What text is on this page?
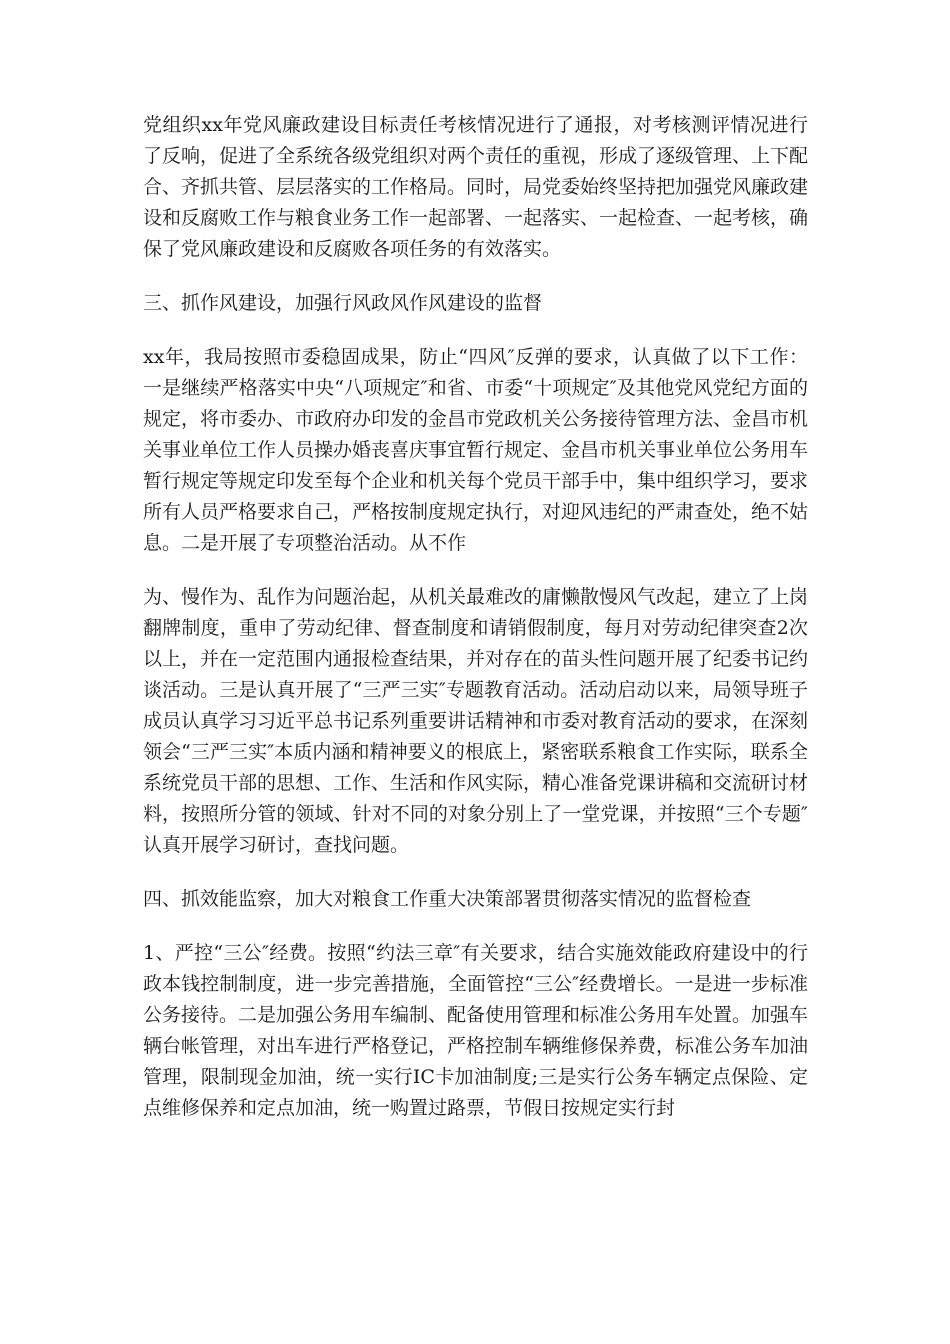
党组织xx年党风廉政建设目标责任考核情况进行了通报，对考核测评情况进行了反响，促进了全系统各级党组织对两个责任的重视，形成了逐级管理、上下配合、齐抓共管、层层落实的工作格局。同时，局党委始终坚持把加强党风廉政建设和反腐败工作与粮食业务工作一起部署、一起落实、一起检查、一起考核，确保了党风廉政建设和反腐败各项任务的有效落实。

三、抓作风建设，加强行风政风作风建设的监督

xx年，我局按照市委稳固成果，防止“四风″反弹的要求，认真做了以下工作：一是继续严格落实中央“八项规定″和省、市委“十项规定″及其他党风党纪方面的规定，将市委办、市政府办印发的金昌市党政机关公务接待管理方法、金昌市机关事业单位工作人员操办婚丧喜庆事宜暂行规定、金昌市机关事业单位公务用车暂行规定等规定印发至每个企业和机关每个党员干部手中，集中组织学习，要求所有人员严格要求自己，严格按制度规定执行，对迎风违纪的严肃查处，绝不姑息。二是开展了专项整治活动。从不作

为、慢作为、乱作为问题治起，从机关最难改的庸懒散慢风气改起，建立了上岗翻牌制度，重申了劳动纪律、督查制度和请销假制度，每月对劳动纪律突查2次以上，并在一定范围内通报检查结果，并对存在的苗头性问题开展了纪委书记约谈活动。三是认真开展了“三严三实″专题教育活动。活动启动以来，局领导班子成员认真学习习近平总书记系列重要讲话精神和市委对教育活动的要求，在深刻领会“三严三实″本质内涵和精神要义的根底上，紧密联系粮食工作实际，联系全系统党员干部的思想、工作、生活和作风实际，精心准备党课讲稿和交流研讨材料，按照所分管的领域、针对不同的对象分别上了一堂党课，并按照“三个专题″认真开展学习研讨，查找问题。

四、抓效能监察，加大对粮食工作重大决策部署贯彻落实情况的监督检查

1、严控“三公″经费。按照“约法三章″有关要求，结合实施效能政府建设中的行政本钱控制制度，进一步完善措施，全面管控“三公″经费增长。一是进一步标准公务接待。二是加强公务用车编制、配备使用管理和标准公务用车处置。加强车辆台帐管理，对出车进行严格登记，严格控制车辆维修保养费，标准公务车加油管理，限制现金加油，统一实行IC卡加油制度;三是实行公务车辆定点保险、定点维修保养和定点加油，统一购置过路票，节假日按规定实行封
